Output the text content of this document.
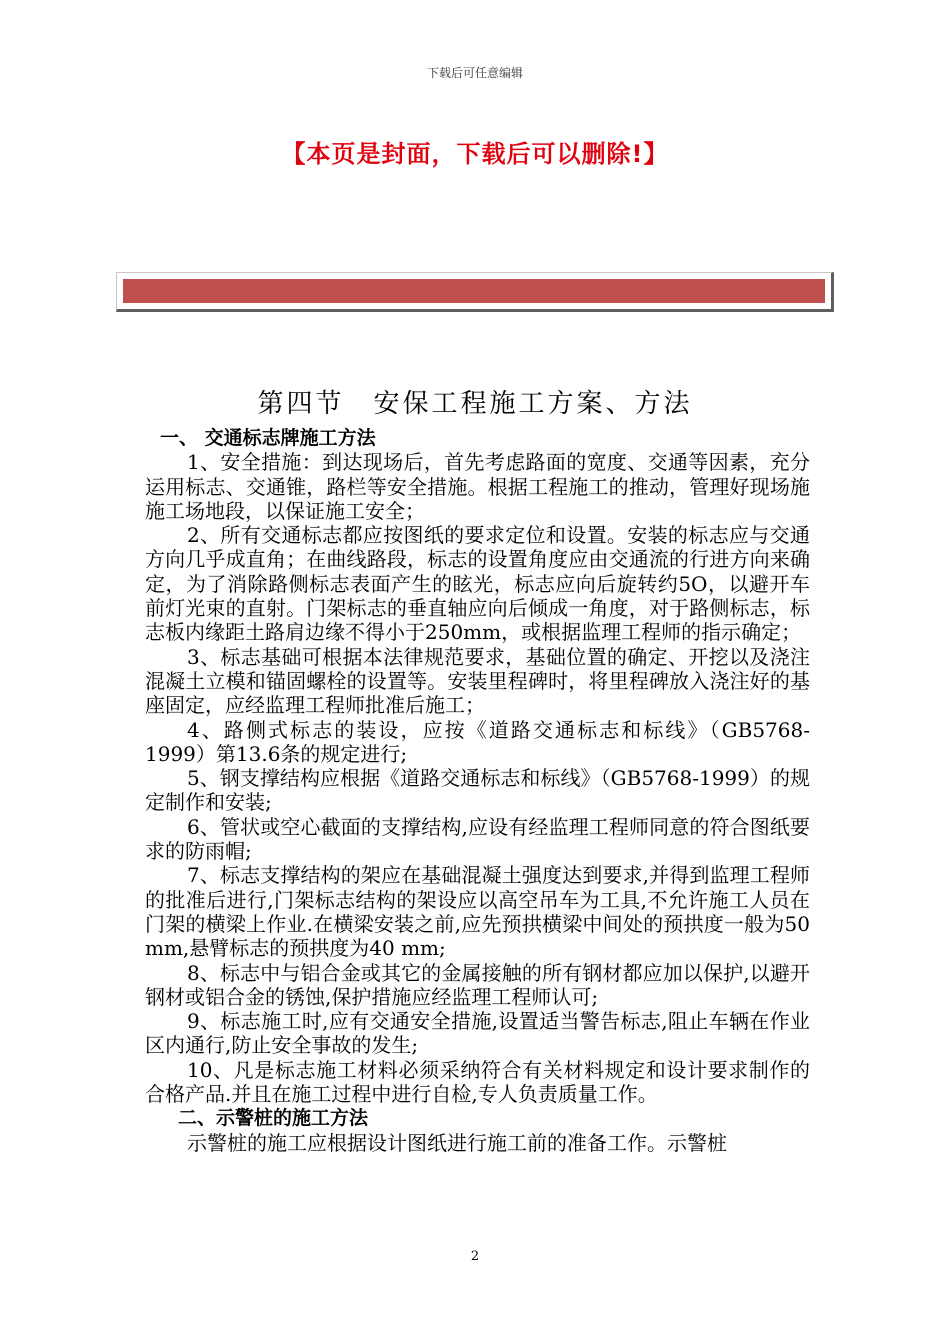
下载后可任意编辑
【本页是封面，下载后可以删除!】
第四节　安保工程施工方案、方法
一、 交通标志牌施工方法
1、安全措施：到达现场后，首先考虑路面的宽度、交通等因素，充分运用标志、交通锥，路栏等安全措施。根据工程施工的推动，管理好现场施施工场地段，以保证施工安全；
2、所有交通标志都应按图纸的要求定位和设置。安装的标志应与交通方向几乎成直角；在曲线路段，标志的设置角度应由交通流的行进方向来确定，为了消除路侧标志表面产生的眩光，标志应向后旋转约5O，以避开车前灯光束的直射。门架标志的垂直轴应向后倾成一角度，对于路侧标志，标志板内缘距土路肩边缘不得小于250mm，或根据监理工程师的指示确定；
3、标志基础可根据本法律规范要求，基础位置的确定、开挖以及浇注混凝土立模和锚固螺栓的设置等。安装里程碑时，将里程碑放入浇注好的基座固定，应经监理工程师批准后施工；
4、路侧式标志的装设，应按《道路交通标志和标线》（GB5768-1999）第13.6条的规定进行;
5、钢支撑结构应根据《道路交通标志和标线》（GB5768-1999）的规定制作和安装;
6、管状或空心截面的支撑结构,应设有经监理工程师同意的符合图纸要求的防雨帽;
7、标志支撑结构的架应在基础混凝土强度达到要求,并得到监理工程师的批准后进行,门架标志结构的架设应以高空吊车为工具,不允许施工人员在门架的横梁上作业.在横梁安装之前,应先预拱横梁中间处的预拱度一般为50 mm,悬臂标志的预拱度为40 mm;
8、标志中与铝合金或其它的金属接触的所有钢材都应加以保护,以避开钢材或铝合金的锈蚀,保护措施应经监理工程师认可;
9、标志施工时,应有交通安全措施,设置适当警告标志,阻止车辆在作业区内通行,防止安全事故的发生;
10、凡是标志施工材料必须采纳符合有关材料规定和设计要求制作的合格产品.并且在施工过程中进行自检,专人负责质量工作。
二、示警桩的施工方法
示警桩的施工应根据设计图纸进行施工前的准备工作。示警桩
2
